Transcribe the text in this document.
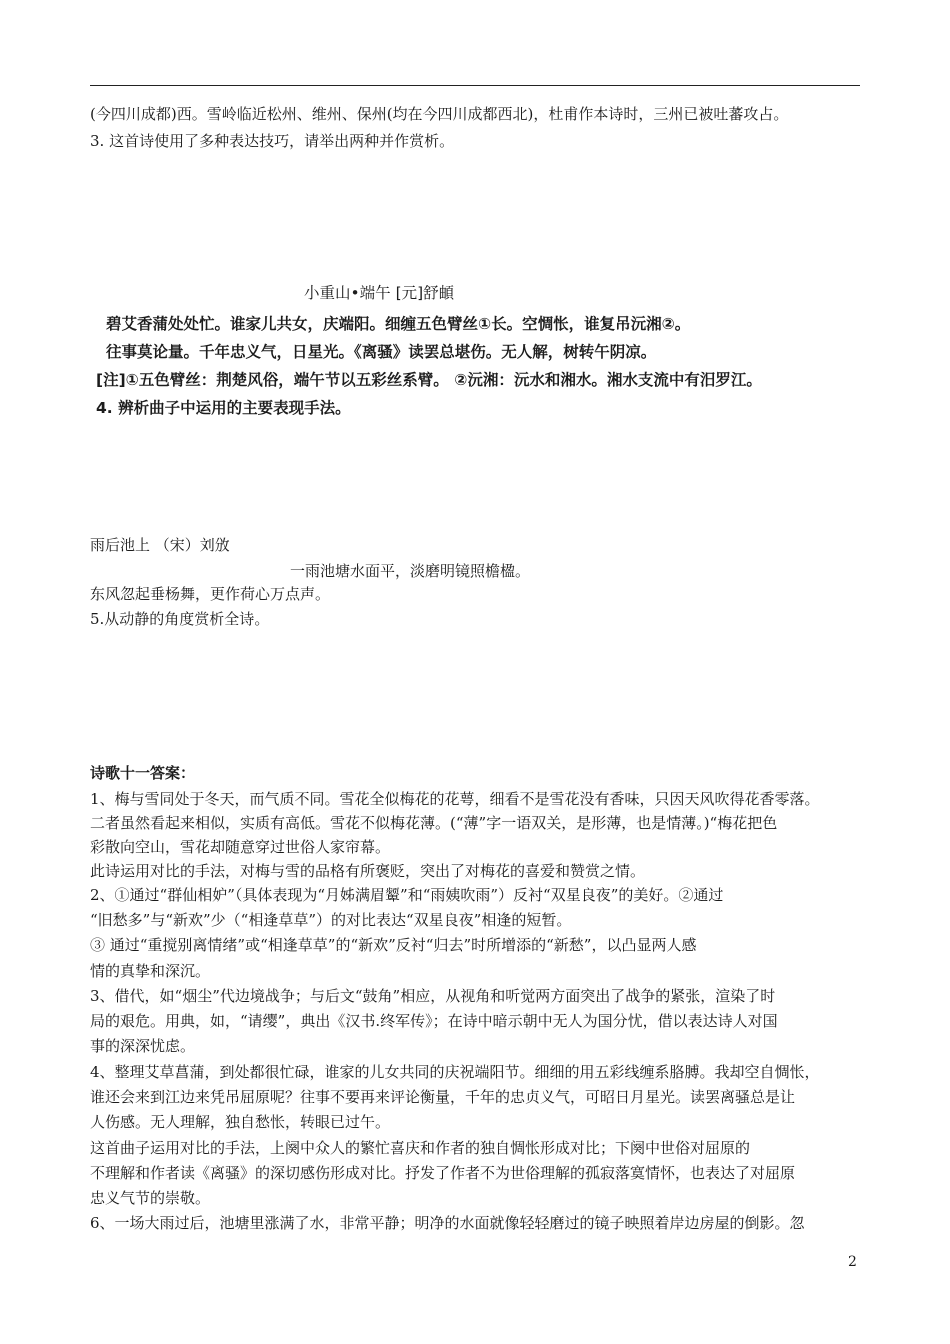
(今四川成都)西。雪岭临近松州、维州、保州(均在今四川成都西北)，杜甫作本诗时，三州已被吐蕃攻占。
3. 这首诗使用了多种表达技巧，请举出两种并作赏析。
小重山•端午 [元]舒頔
碧艾香蒲处处忙。谁家儿共女，庆端阳。细缠五色臂丝①长。空惆怅，谁复吊沅湘②。
往事莫论量。千年忠义气，日星光。《离骚》读罢总堪伤。无人解，树转午阴凉。
[注]①五色臂丝：荆楚风俗，端午节以五彩丝系臂。 ②沅湘：沅水和湘水。湘水支流中有汨罗江。
4. 辨析曲子中运用的主要表现手法。
雨后池上 （宋）刘攽
一雨池塘水面平，淡磨明镜照檐楹。
东风忽起垂杨舞，更作荷心万点声。
5.从动静的角度赏析全诗。
诗歌十一答案：
1、梅与雪同处于冬天，而气质不同。雪花全似梅花的花萼，细看不是雪花没有香味，只因天风吹得花香零落。
二者虽然看起来相似，实质有高低。雪花不似梅花薄。(“薄”字一语双关，是形薄，也是情薄。)“梅花把色
彩散向空山，雪花却随意穿过世俗人家帘幕。
此诗运用对比的手法，对梅与雪的品格有所褒贬，突出了对梅花的喜爱和赞赏之情。
2、①通过“群仙相妒”（具体表现为“月姊满眉颦”和“雨姨吹雨”）反衬“双星良夜”的美好。②通过
“旧愁多”与“新欢”少（“相逢草草”）的对比表达“双星良夜”相逢的短暂。
③ 通过“重搅别离情绪”或“相逢草草”的“新欢”反衬“归去”时所增添的“新愁”，以凸显两人感
情的真挚和深沉。
3、借代，如“烟尘”代边境战争；与后文“鼓角”相应，从视角和听觉两方面突出了战争的紧张，渲染了时
局的艰危。用典，如，“请缨”，典出《汉书.终军传》；在诗中暗示朝中无人为国分忧，借以表达诗人对国
事的深深忧虑。
4、整理艾草菖蒲，到处都很忙碌，谁家的儿女共同的庆祝端阳节。细细的用五彩线缠系胳膊。我却空自惆怅，
谁还会来到江边来凭吊屈原呢？往事不要再来评论衡量，千年的忠贞义气，可昭日月星光。读罢离骚总是让
人伤感。无人理解，独自愁怅，转眼已过午。
这首曲子运用对比的手法，上阕中众人的繁忙喜庆和作者的独自惆怅形成对比；下阕中世俗对屈原的
不理解和作者读《离骚》的深切感伤形成对比。抒发了作者不为世俗理解的孤寂落寞情怀，也表达了对屈原
忠义气节的崇敬。
6、一场大雨过后，池塘里涨满了水，非常平静；明净的水面就像轻轻磨过的镜子映照着岸边房屋的倒影。忽
2
